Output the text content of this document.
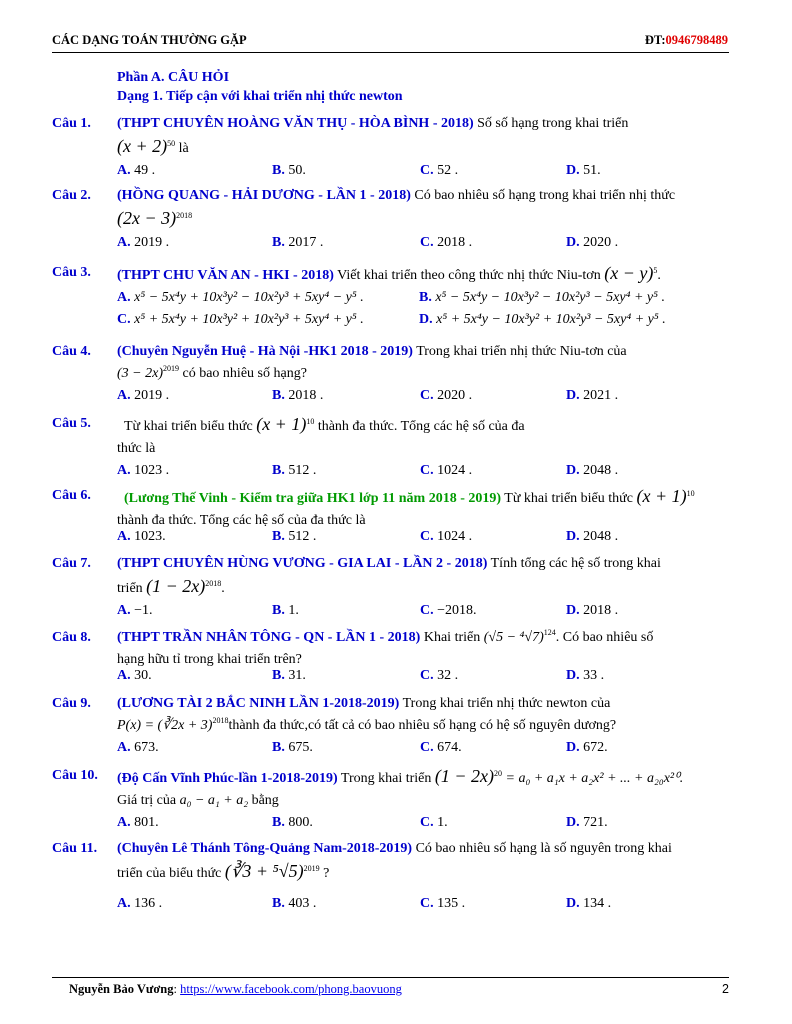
CÁC DẠNG TOÁN THƯỜNG GẶP	ĐT:0946798489
Phần A. CÂU HỎI
Dạng 1. Tiếp cận với khai triển nhị thức newton
Câu 1. (THPT CHUYÊN HOÀNG VĂN THỤ - HÒA BÌNH - 2018) Số số hạng trong khai triển
$(x + 2)^{50}$ là
A. 49 .	B. 50.	C. 52 .	D. 51.
Câu 2. (HỒNG QUANG - HẢI DƯƠNG - LẦN 1 - 2018) Có bao nhiêu số hạng trong khai triển nhị thức
$(2x - 3)^{2018}$
A. 2019 .	B. 2017 .	C. 2018 .	D. 2020 .
Câu 3. (THPT CHU VĂN AN - HKI - 2018) Viết khai triển theo công thức nhị thức Niu-tơn $(x - y)^5$.
A. x⁵ − 5x⁴y + 10x³y² − 10x²y³ + 5xy⁴ − y⁵ .	B. x⁵ − 5x⁴y − 10x³y² − 10x²y³ − 5xy⁴ + y⁵ .
C. x⁵ + 5x⁴y + 10x³y² + 10x²y³ + 5xy⁴ + y⁵ .	D. x⁵ + 5x⁴y − 10x³y² + 10x²y³ − 5xy⁴ + y⁵ .
Câu 4. (Chuyên Nguyễn Huệ - Hà Nội -HK1 2018 - 2019) Trong khai triển nhị thức Niu-tơn của
$(3 - 2x)^{2019}$ có bao nhiêu số hạng?
A. 2019 .	B. 2018 .	C. 2020 .	D. 2021 .
Câu 5.	Từ khai triển biểu thức $(x + 1)^{10}$ thành đa thức. Tổng các hệ số của đa
thức là
A. 1023 .	B. 512 .	C. 1024 .	D. 2048 .
Câu 6.	(Lương Thế Vinh - Kiểm tra giữa HK1 lớp 11 năm 2018 - 2019) Từ khai triển biểu thức $(x + 1)^{10}$
thành đa thức. Tổng các hệ số của đa thức là
A. 1023.	B. 512 .	C. 1024 .	D. 2048 .
Câu 7. (THPT CHUYÊN HÙNG VƯƠNG - GIA LAI - LẦN 2 - 2018) Tính tổng các hệ số trong khai
triển $(1 - 2x)^{2018}$.
A. −1.	B. 1.	C. −2018.	D. 2018 .
Câu 8. (THPT TRẦN NHÂN TÔNG - QN - LẦN 1 - 2018) Khai triển $(√5 - ^4√7)^{124}$. Có bao nhiêu số
hạng hữu tỉ trong khai triển trên?
A. 30.	B. 31.	C. 32 .	D. 33 .
Câu 9. (LƯƠNG TÀI 2 BẮC NINH LẦN 1-2018-2019) Trong khai triển nhị thức newton của
P(x) = (∛2x + 3)$^{2018}$thành đa thức,có tất cả có bao nhiêu số hạng có hệ số nguyên dương?
A. 673.	B. 675.	C. 674.	D. 672.
Câu 10. (Độ Cấn Vĩnh Phúc-lần 1-2018-2019) Trong khai triển $(1 - 2x)^{20} = a_0 + a_1x + a_2x^2$ + ... + a₂₀x²⁰.
Giá trị của a₀ − a₁ + a₂ bằng
A. 801.	B. 800.	C. 1.	D. 721.
Câu 11. (Chuyên Lê Thánh Tông-Quảng Nam-2018-2019) Có bao nhiêu số hạng là số nguyên trong khai
triển của biểu thức (∛3 + ⁵√5)$^{2019}$ ?
A. 136 .	B. 403 .	C. 135 .	D. 134 .
Nguyễn Bảo Vương: https://www.facebook.com/phong.baovuong	2
